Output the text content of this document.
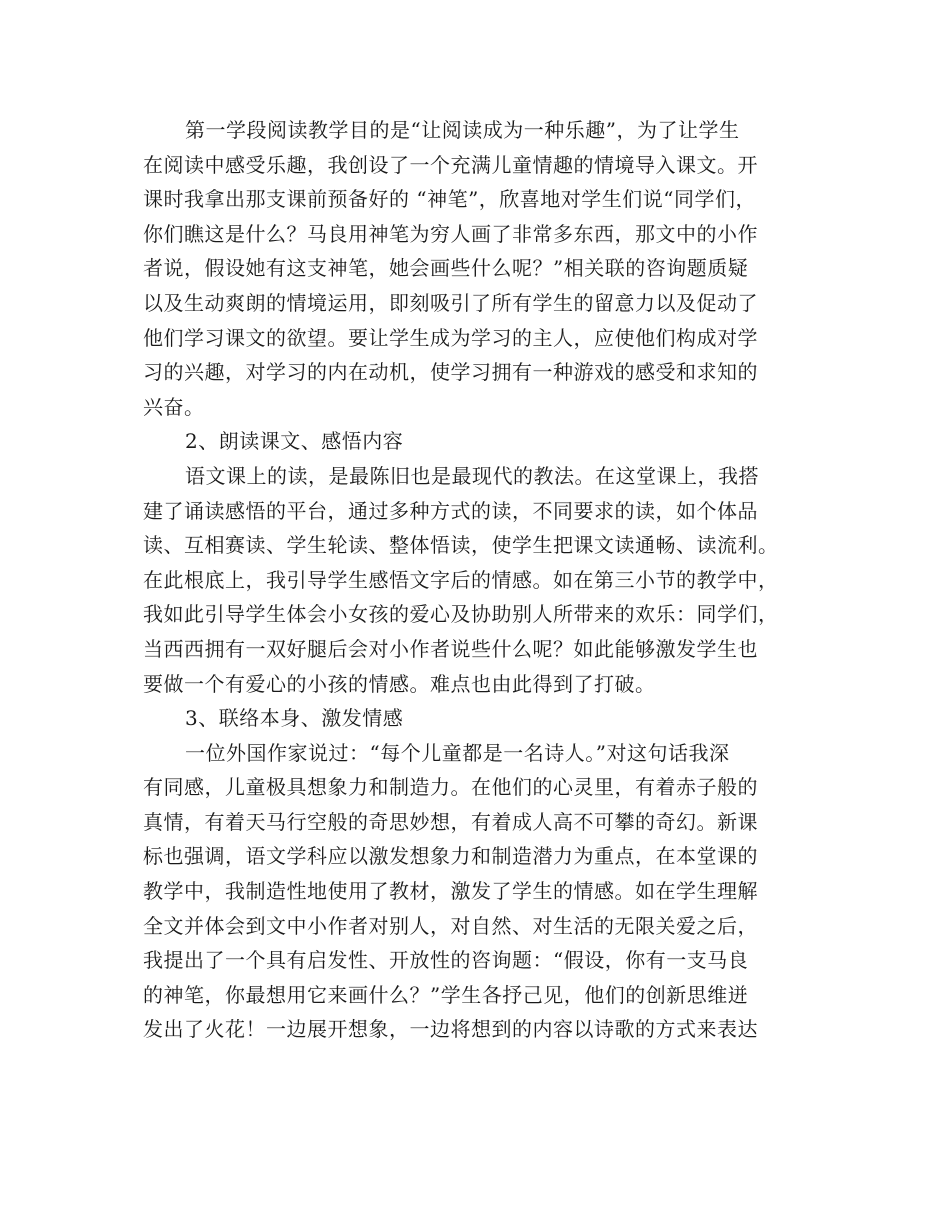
第一学段阅读教学目的是“让阅读成为一种乐趣”，为了让学生
在阅读中感受乐趣，我创设了一个充满儿童情趣的情境导入课文。开
课时我拿出那支课前预备好的 “神笔”，欣喜地对学生们说“同学们，
你们瞧这是什么？马良用神笔为穷人画了非常多东西，那文中的小作
者说，假设她有这支神笔，她会画些什么呢？”相关联的咨询题质疑
以及生动爽朗的情境运用，即刻吸引了所有学生的留意力以及促动了
他们学习课文的欲望。要让学生成为学习的主人，应使他们构成对学
习的兴趣，对学习的内在动机，使学习拥有一种游戏的感受和求知的
兴奋。
2、朗读课文、感悟内容
语文课上的读，是最陈旧也是最现代的教法。在这堂课上，我搭
建了诵读感悟的平台，通过多种方式的读，不同要求的读，如个体品
读、互相赛读、学生轮读、整体悟读，使学生把课文读通畅、读流利。
在此根底上，我引导学生感悟文字后的情感。如在第三小节的教学中，
我如此引导学生体会小女孩的爱心及协助别人所带来的欢乐：同学们，
当西西拥有一双好腿后会对小作者说些什么呢？如此能够激发学生也
要做一个有爱心的小孩的情感。难点也由此得到了打破。
3、联络本身、激发情感
一位外国作家说过：“每个儿童都是一名诗人。”对这句话我深
有同感，儿童极具想象力和制造力。在他们的心灵里，有着赤子般的
真情，有着天马行空般的奇思妙想，有着成人高不可攀的奇幻。新课
标也强调，语文学科应以激发想象力和制造潜力为重点，在本堂课的
教学中，我制造性地使用了教材，激发了学生的情感。如在学生理解
全文并体会到文中小作者对别人，对自然、对生活的无限关爱之后，
我提出了一个具有启发性、开放性的咨询题：“假设，你有一支马良
的神笔，你最想用它来画什么？”学生各抒己见，他们的创新思维迸
发出了火花！一边展开想象，一边将想到的内容以诗歌的方式来表达
